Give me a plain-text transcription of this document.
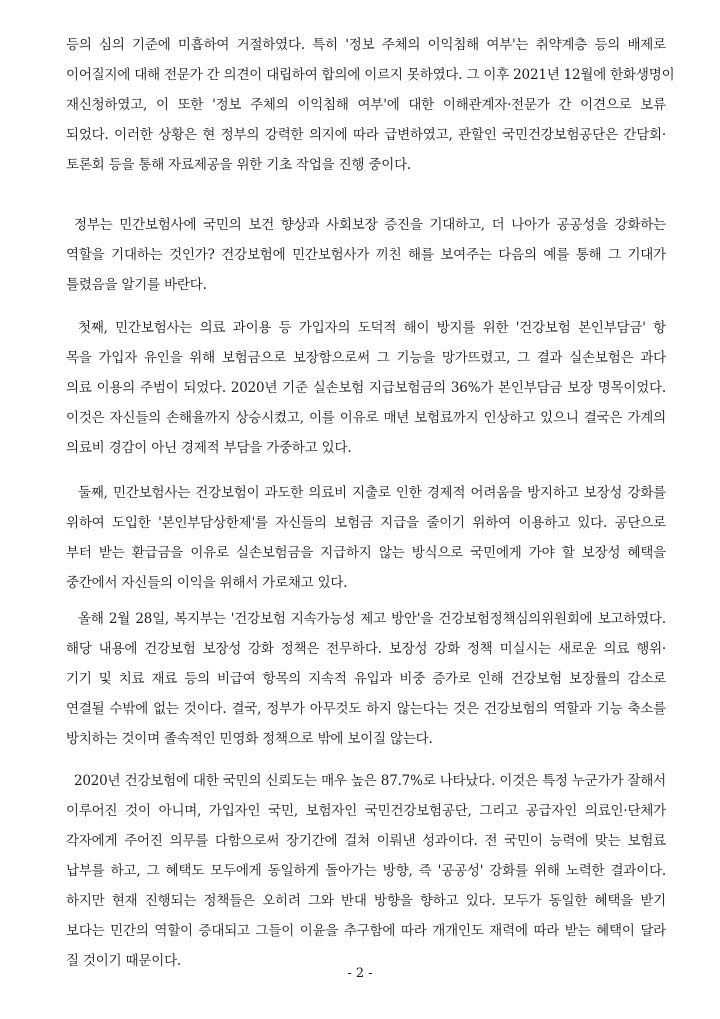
등의 심의 기준에 미흡하여 거절하였다. 특히 '정보 주체의 이익침해 여부'는 취약계층 등의 배제로
이어질지에 대해 전문가 간 의견이 대립하여 합의에 이르지 못하였다. 그 이후 2021년 12월에 한화생명이
재신청하였고, 이 또한 '정보 주체의 이익침해 여부'에 대한 이해관계자·전문가 간 이견으로 보류
되었다. 이러한 상황은 현 정부의 강력한 의지에 따라 급변하였고, 관할인 국민건강보험공단은 간담회·
토론회 등을 통해 자료제공을 위한 기초 작업을 진행 중이다.
정부는 민간보험사에 국민의 보건 향상과 사회보장 증진을 기대하고, 더 나아가 공공성을 강화하는
역할을 기대하는 것인가? 건강보험에 민간보험사가 끼친 해를 보여주는 다음의 예를 통해 그 기대가
틀렸음을 알기를 바란다.
첫째, 민간보험사는 의료 과이용 등 가입자의 도덕적 해이 방지를 위한 '건강보험 본인부담금' 항
목을 가입자 유인을 위해 보험금으로 보장함으로써 그 기능을 망가뜨렸고, 그 결과 실손보험은 과다
의료 이용의 주범이 되었다. 2020년 기준 실손보험 지급보험금의 36%가 본인부담금 보장 명목이었다.
이것은 자신들의 손해율까지 상승시켰고, 이를 이유로 매년 보험료까지 인상하고 있으니 결국은 가계의
의료비 경감이 아닌 경제적 부담을 가중하고 있다.
둘째, 민간보험사는 건강보험이 과도한 의료비 지출로 인한 경제적 어려움을 방지하고 보장성 강화를
위하여 도입한 '본인부담상한제'를 자신들의 보험금 지급을 줄이기 위하여 이용하고 있다. 공단으로
부터 받는 환급금을 이유로 실손보험금을 지급하지 않는 방식으로 국민에게 가야 할 보장성 혜택을
중간에서 자신들의 이익을 위해서 가로채고 있다.
올해 2월 28일, 복지부는 '건강보험 지속가능성 제고 방안'을 건강보험정책심의위원회에 보고하였다.
해당 내용에 건강보험 보장성 강화 정책은 전무하다. 보장성 강화 정책 미실시는 새로운 의료 행위·
기기 및 치료 재료 등의 비급여 항목의 지속적 유입과 비중 증가로 인해 건강보험 보장률의 감소로
연결될 수밖에 없는 것이다. 결국, 정부가 아무것도 하지 않는다는 것은 건강보험의 역할과 기능 축소를
방치하는 것이며 졸속적인 민영화 정책으로 밖에 보이질 않는다.
2020년 건강보험에 대한 국민의 신뢰도는 매우 높은 87.7%로 나타났다. 이것은 특정 누군가가 잘해서
이루어진 것이 아니며, 가입자인 국민, 보험자인 국민건강보험공단, 그리고 공급자인 의료인·단체가
각자에게 주어진 의무를 다함으로써 장기간에 걸쳐 이뤄낸 성과이다. 전 국민이 능력에 맞는 보험료
납부를 하고, 그 혜택도 모두에게 동일하게 돌아가는 방향, 즉 '공공성' 강화를 위해 노력한 결과이다.
하지만 현재 진행되는 정책들은 오히려 그와 반대 방향을 향하고 있다. 모두가 동일한 혜택을 받기
보다는 민간의 역할이 증대되고 그들이 이윤을 추구함에 따라 개개인도 재력에 따라 받는 혜택이 달라
질 것이기 때문이다.
- 2 -
